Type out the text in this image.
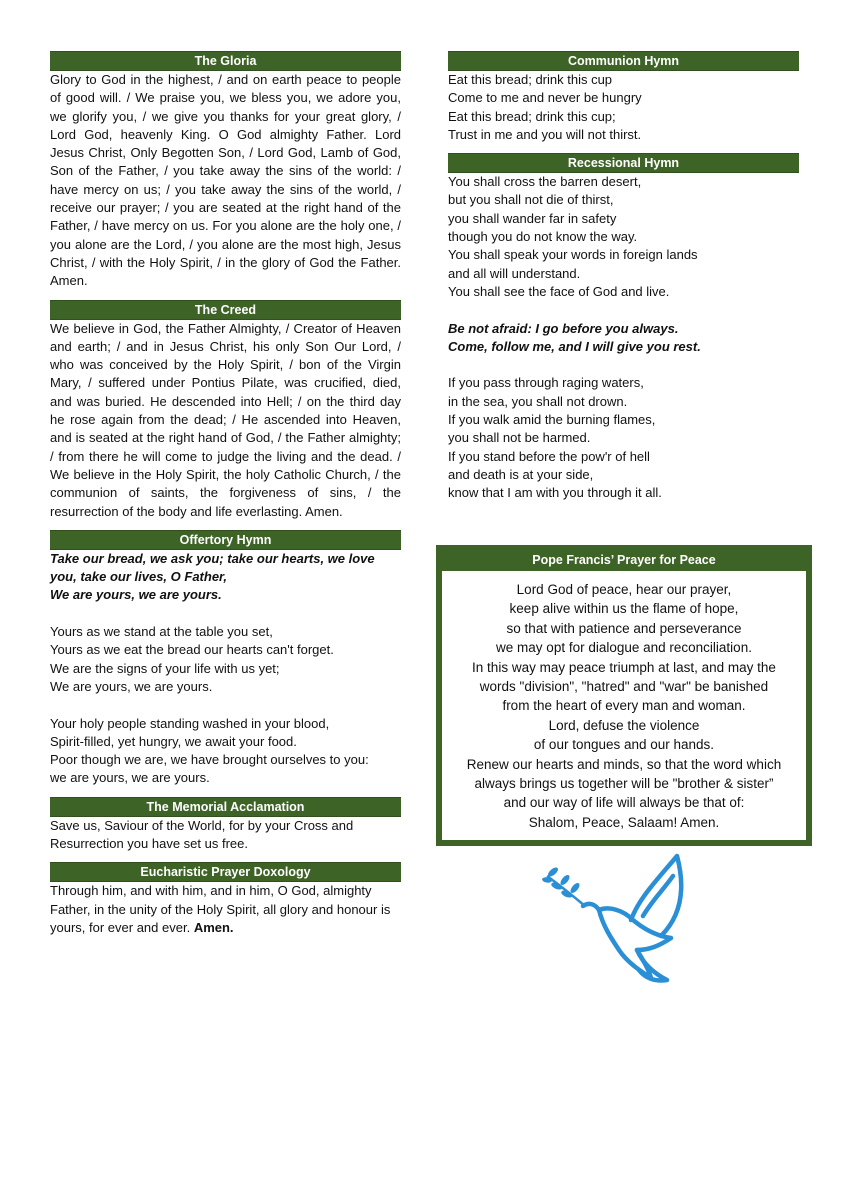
The Gloria
Glory to God in the highest, / and on earth peace to people of good will. / We praise you, we bless you, we adore you, we glorify you, / we give you thanks for your great glory, / Lord God, heavenly King. O God almighty Father. Lord Jesus Christ, Only Begotten Son, / Lord God, Lamb of God, Son of the Father, / you take away the sins of the world: / have mercy on us; / you take away the sins of the world, / receive our prayer; / you are seated at the right hand of the Father, / have mercy on us. For you alone are the holy one, / you alone are the Lord, / you alone are the most high, Jesus Christ, / with the Holy Spirit, / in the glory of God the Father. Amen.
The Creed
We believe in God, the Father Almighty, / Creator of Heaven and earth; / and in Jesus Christ, his only Son Our Lord, / who was conceived by the Holy Spirit, / bon of the Virgin Mary, / suffered under Pontius Pilate, was crucified, died, and was buried. He descended into Hell; / on the third day he rose again from the dead; / He ascended into Heaven, and is seated at the right hand of God, / the Father almighty; / from there he will come to judge the living and the dead. / We believe in the Holy Spirit, the holy Catholic Church, / the communion of saints, the forgiveness of sins, / the resurrection of the body and life everlasting. Amen.
Offertory Hymn
Take our bread, we ask you; take our hearts, we love
you, take our lives, O Father,
We are yours, we are yours.
Yours as we stand at the table you set,
Yours as we eat the bread our hearts can't forget.
We are the signs of your life with us yet;
We are yours, we are yours.
Your holy people standing washed in your blood,
Spirit-filled, yet hungry, we await your food.
Poor though we are, we have brought ourselves to you:
we are yours, we are yours.
The Memorial Acclamation
Save us, Saviour of the World, for by your Cross and
Resurrection you have set us free.
Eucharistic Prayer Doxology
Through him, and with him, and in him, O God, almighty Father, in the unity of the Holy Spirit, all glory and honour is yours, for ever and ever. Amen.
Communion Hymn
Eat this bread; drink this cup
Come to me and never be hungry
Eat this bread; drink this cup;
Trust in me and you will not thirst.
Recessional Hymn
You shall cross the barren desert,
but you shall not die of thirst,
you shall wander far in safety
though you do not know the way.
You shall speak your words in foreign lands
and all will understand.
You shall see the face of God and live.
Be not afraid: I go before you always.
Come, follow me, and I will give you rest.
If you pass through raging waters,
in the sea, you shall not drown.
If you walk amid the burning flames,
you shall not be harmed.
If you stand before the pow'r of hell
and death is at your side,
know that I am with you through it all.
Pope Francis’ Prayer for Peace
Lord God of peace, hear our prayer,
keep alive within us the flame of hope,
so that with patience and perseverance
we may opt for dialogue and reconciliation.
In this way may peace triumph at last, and may the
words "division", "hatred" and "war" be banished
from the heart of every man and woman.
Lord, defuse the violence
of our tongues and our hands.
Renew our hearts and minds, so that the word which
always brings us together will be "brother & sister”
and our way of life will always be that of:
Shalom, Peace, Salaam! Amen.
